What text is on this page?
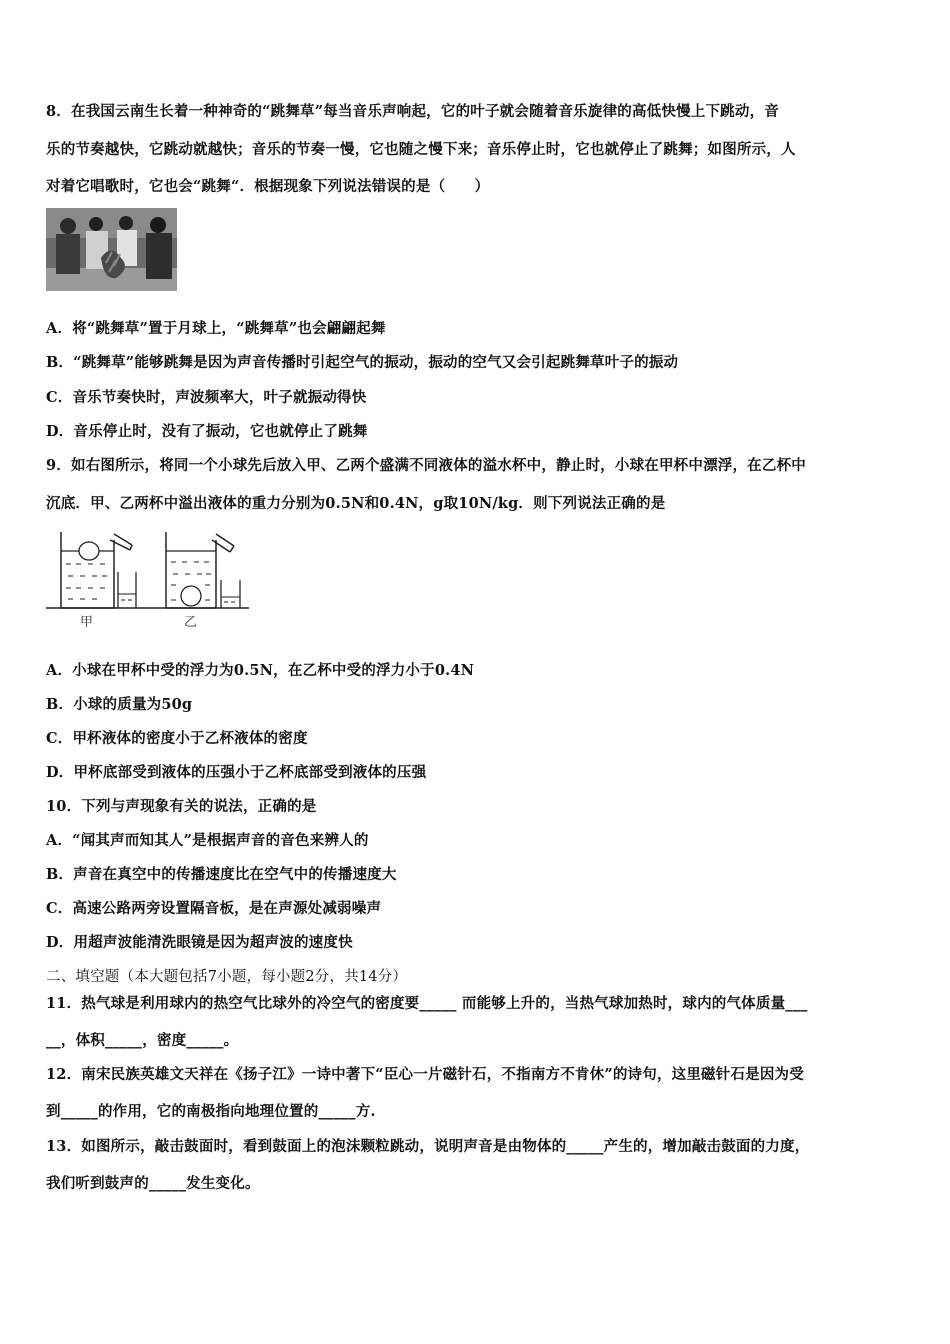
8．在我国云南生长着一种神奇的“跳舞草”每当音乐声响起，它的叶子就会随着音乐旋律的高低快慢上下跳动，音
乐的节奏越快，它跳动就越快；音乐的节奏一慢，它也随之慢下来；音乐停止时，它也就停止了跳舞；如图所示，人
对着它唱歌时，它也会“跳舞“．根据现象下列说法错误的是（　　）
A．将“跳舞草”置于月球上，“跳舞草”也会翩翩起舞
B．“跳舞草”能够跳舞是因为声音传播时引起空气的振动，振动的空气又会引起跳舞草叶子的振动
C．音乐节奏快时，声波频率大，叶子就振动得快
D．音乐停止时，没有了振动，它也就停止了跳舞
9．如右图所示，将同一个小球先后放入甲、乙两个盛满不同液体的溢水杯中，静止时，小球在甲杯中漂浮，在乙杯中
沉底．甲、乙两杯中溢出液体的重力分别为0.5N和0.4N，g取10N/kg．则下列说法正确的是
甲	乙
A．小球在甲杯中受的浮力为0.5N，在乙杯中受的浮力小于0.4N
B．小球的质量为50g
C．甲杯液体的密度小于乙杯液体的密度
D．甲杯底部受到液体的压强小于乙杯底部受到液体的压强
10．下列与声现象有关的说法，正确的是
A．“闻其声而知其人”是根据声音的音色来辨人的
B．声音在真空中的传播速度比在空气中的传播速度大
C．高速公路两旁设置隔音板，是在声源处减弱噪声
D．用超声波能清洗眼镜是因为超声波的速度快
二、填空题（本大题包括7小题，每小题2分，共14分）
11．热气球是利用球内的热空气比球外的冷空气的密度要_____ 而能够上升的，当热气球加热时，球内的气体质量___
__，体积_____，密度_____。
12．南宋民族英雄文天祥在《扬子江》一诗中著下“臣心一片磁针石，不指南方不肯休”的诗句，这里磁针石是因为受
到_____的作用，它的南极指向地理位置的_____方.
13．如图所示，敲击鼓面时，看到鼓面上的泡沫颗粒跳动，说明声音是由物体的_____产生的，增加敲击鼓面的力度，
我们听到鼓声的_____发生变化。
